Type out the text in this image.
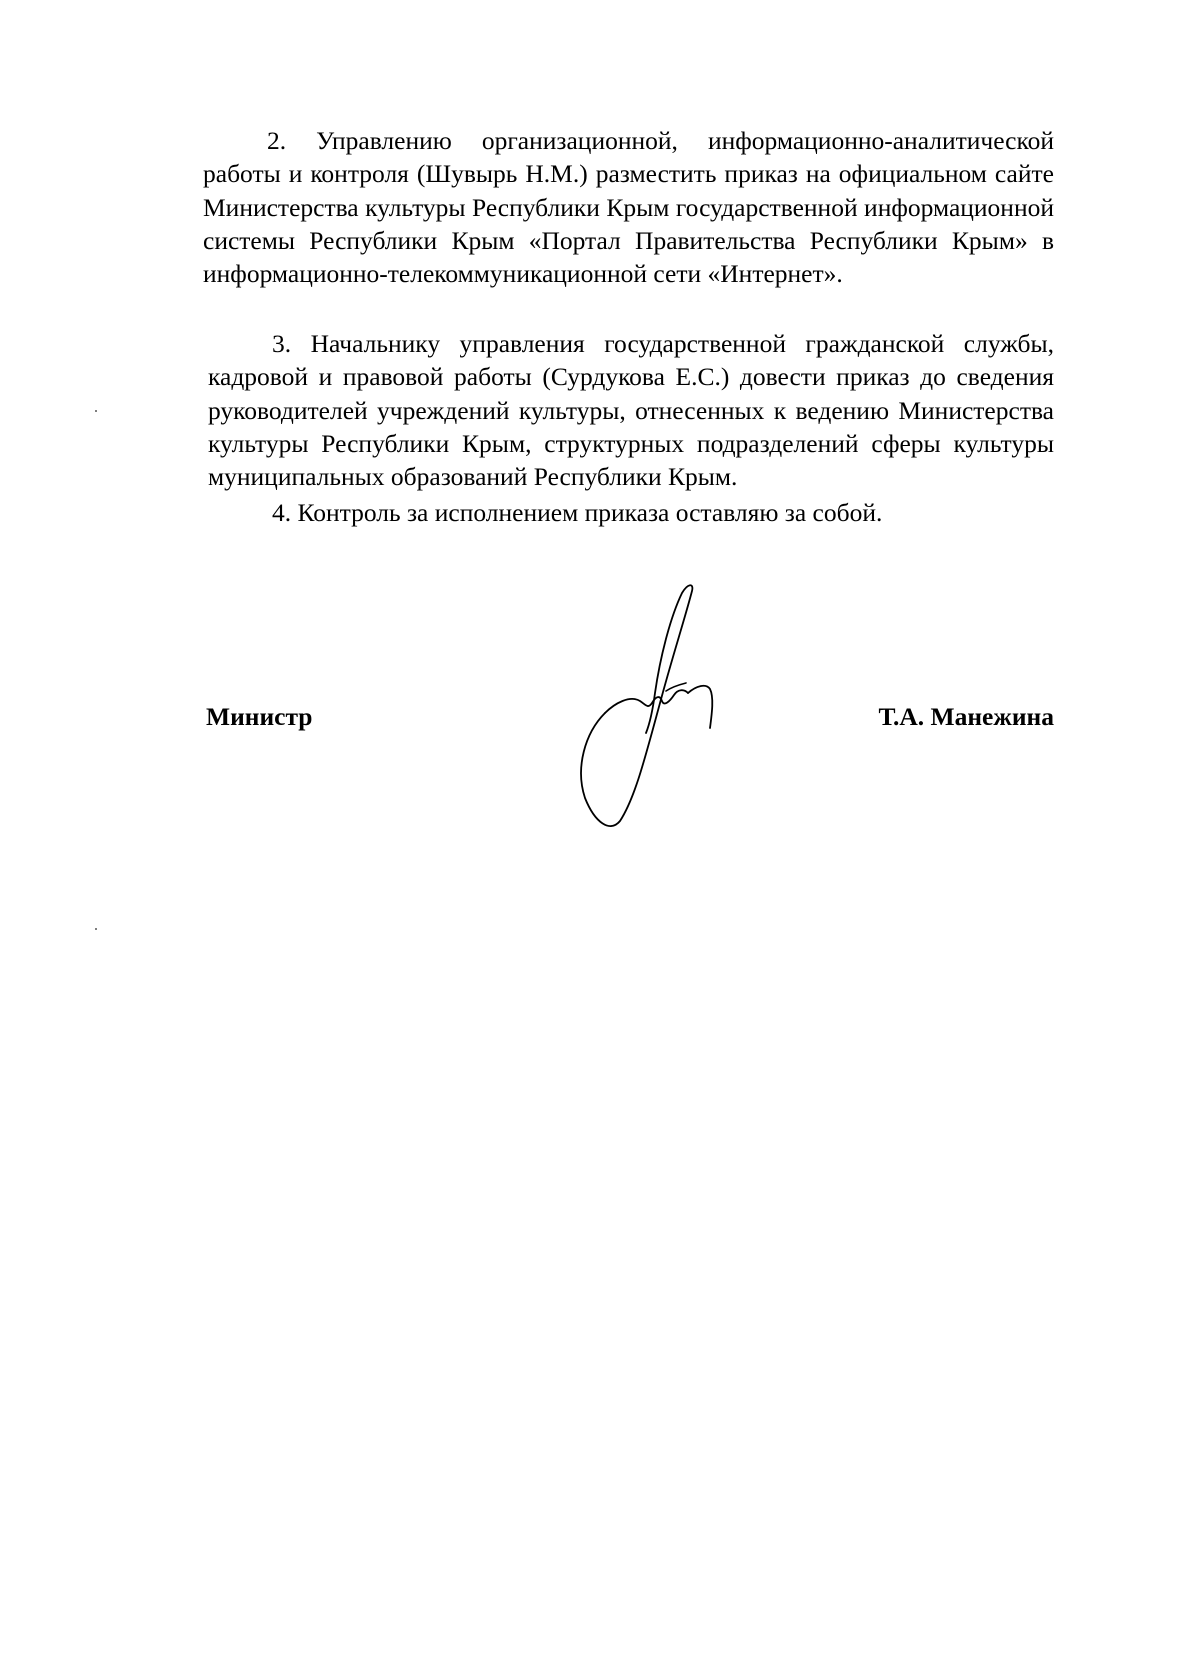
2. Управлению организационной, информационно-аналитической работы и контроля (Шувырь Н.М.) разместить приказ на официальном сайте Министерства культуры Республики Крым государственной информационной системы Республики Крым «Портал Правительства Республики Крым» в информационно-телекоммуникационной сети «Интернет».

3. Начальнику управления государственной гражданской службы, кадровой и правовой работы (Сурдукова Е.С.) довести приказ до сведения руководителей учреждений культуры, отнесенных к ведению Министерства культуры Республики Крым, структурных подразделений сферы культуры муниципальных образований Республики Крым.

4. Контроль за исполнением приказа оставляю за собой.

Министр	Т.А. Манежина
